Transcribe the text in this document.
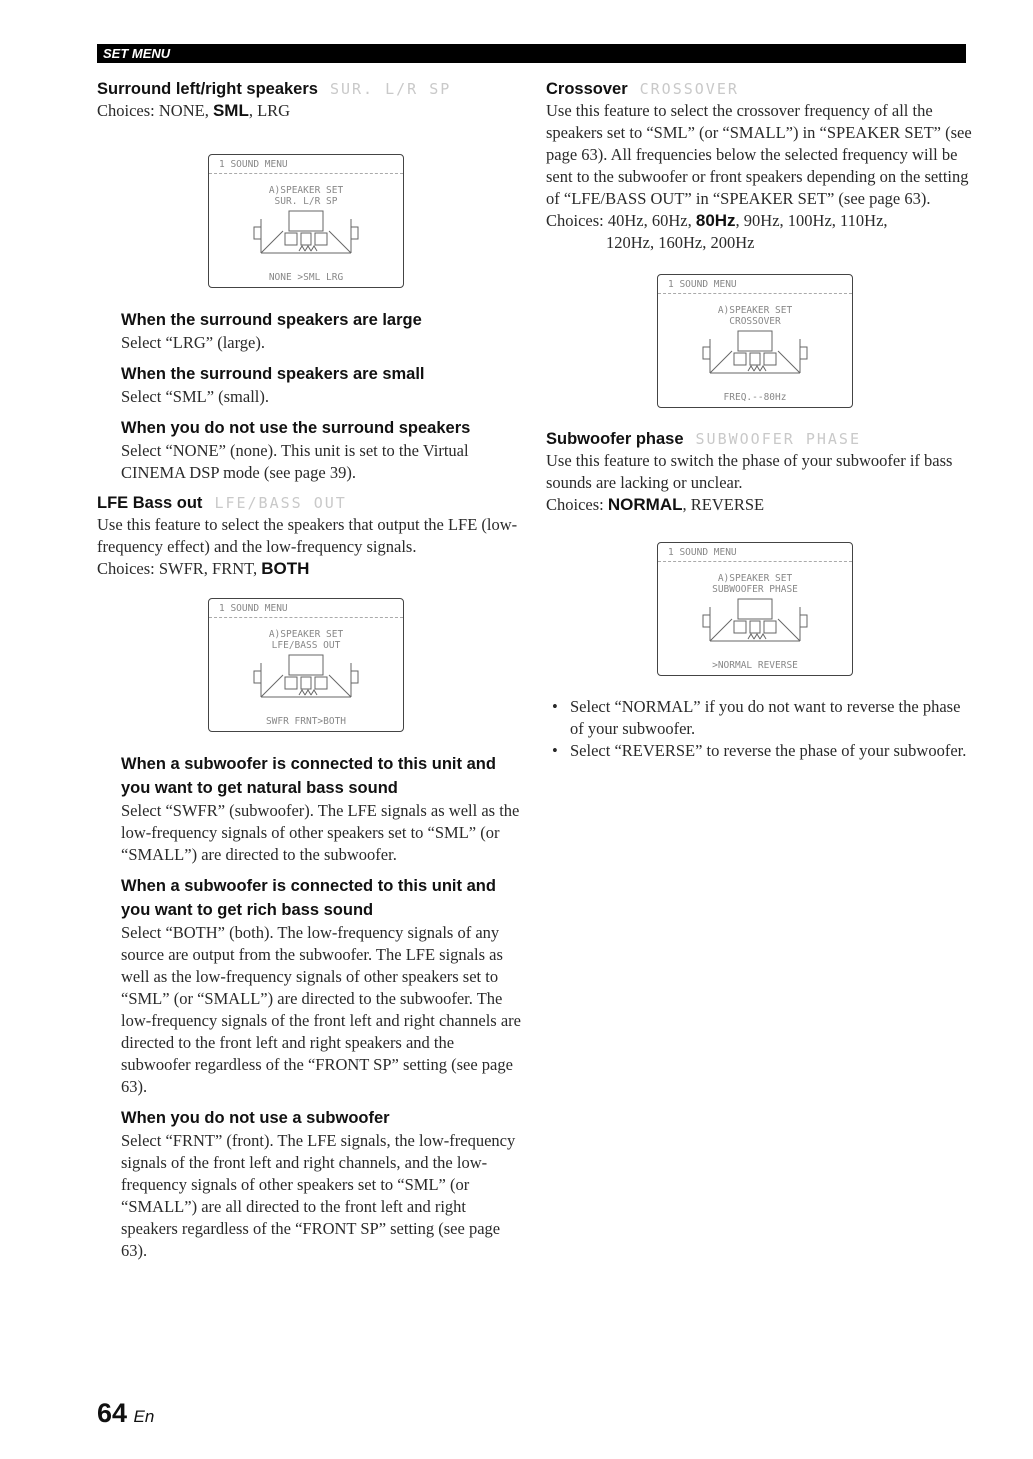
SET MENU
Surround left/right speakers SUR. L/R SP

Choices: NONE, SML, LRG

1 SOUND MENU
A)SPEAKER SET
SUR. L/R SP
NONE >SML LRG
When the surround speakers are large

Select “LRG” (large).

When the surround speakers are small

Select “SML” (small).

When you do not use the surround speakers

Select “NONE” (none). This unit is set to the Virtual CINEMA DSP mode (see page 39).

LFE Bass out LFE/BASS OUT

Use this feature to select the speakers that output the LFE (low-frequency effect) and the low-frequency signals.

Choices: SWFR, FRNT, BOTH

1 SOUND MENU
A)SPEAKER SET
LFE/BASS OUT
SWFR FRNT>BOTH
When a subwoofer is connected to this unit and you want to get natural bass sound

Select “SWFR” (subwoofer). The LFE signals as well as the low-frequency signals of other speakers set to “SML” (or “SMALL”) are directed to the subwoofer.

When a subwoofer is connected to this unit and you want to get rich bass sound

Select “BOTH” (both). The low-frequency signals of any source are output from the subwoofer. The LFE signals as well as the low-frequency signals of other speakers set to “SML” (or “SMALL”) are directed to the subwoofer. The low-frequency signals of the front left and right channels are directed to the front left and right speakers and the subwoofer regardless of the “FRONT SP” setting (see page 63).

When you do not use a subwoofer

Select “FRNT” (front). The LFE signals, the low-frequency signals of the front left and right channels, and the low-frequency signals of other speakers set to “SML” (or “SMALL”) are all directed to the front left and right speakers regardless of the “FRONT SP” setting (see page 63).

Crossover CROSSOVER

Use this feature to select the crossover frequency of all the speakers set to “SML” (or “SMALL”) in “SPEAKER SET” (see page 63). All frequencies below the selected frequency will be sent to the subwoofer or front speakers depending on the setting of “LFE/BASS OUT” in “SPEAKER SET” (see page 63).

Choices: 40Hz, 60Hz, 80Hz, 90Hz, 100Hz, 110Hz,
120Hz, 160Hz, 200Hz

1 SOUND MENU
A)SPEAKER SET
CROSSOVER
FREQ.--80Hz
Subwoofer phase SUBWOOFER PHASE

Use this feature to switch the phase of your subwoofer if bass sounds are lacking or unclear.

Choices: NORMAL, REVERSE

1 SOUND MENU
A)SPEAKER SET
SUBWOOFER PHASE
>NORMAL REVERSE
• Select “NORMAL” if you do not want to reverse the phase of your subwoofer.
• Select “REVERSE” to reverse the phase of your subwoofer.
64 En
